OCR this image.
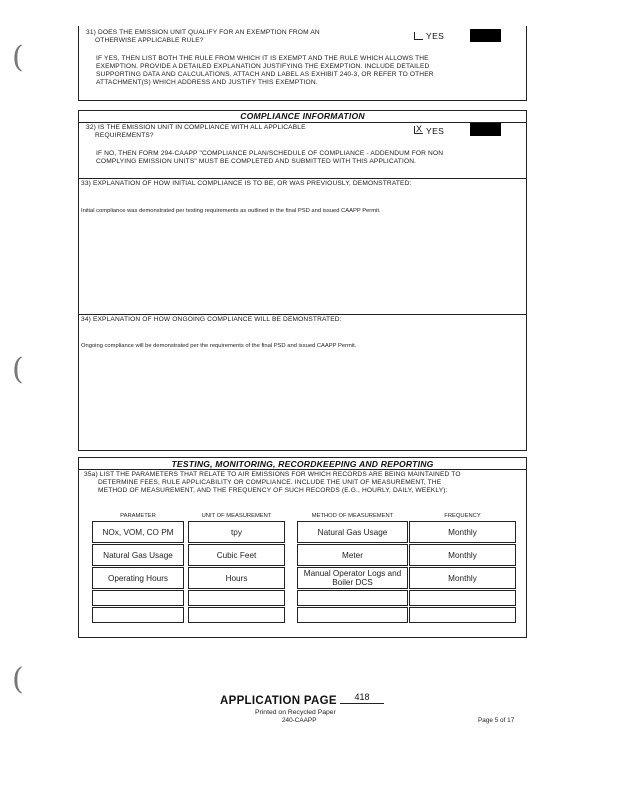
(
(
(
31) DOES THE EMISSION UNIT QUALIFY FOR AN EXEMPTION FROM AN
OTHERWISE APPLICABLE RULE?	YES
IF YES, THEN LIST BOTH THE RULE FROM WHICH IT IS EXEMPT AND THE RULE WHICH ALLOWS THE
EXEMPTION. PROVIDE A DETAILED EXPLANATION JUSTIFYING THE EXEMPTION. INCLUDE DETAILED
SUPPORTING DATA AND CALCULATIONS. ATTACH AND LABEL AS EXHIBIT 240-3, OR REFER TO OTHER
ATTACHMENT(S) WHICH ADDRESS AND JUSTIFY THIS EXEMPTION.
COMPLIANCE INFORMATION
32) IS THE EMISSION UNIT IN COMPLIANCE WITH ALL APPLICABLE
REQUIREMENTS?
X YES
IF NO, THEN FORM 294-CAAPP "COMPLIANCE PLAN/SCHEDULE OF COMPLIANCE - ADDENDUM FOR NON
COMPLYING EMISSION UNITS" MUST BE COMPLETED AND SUBMITTED WITH THIS APPLICATION.
33) EXPLANATION OF HOW INITIAL COMPLIANCE IS TO BE, OR WAS PREVIOUSLY, DEMONSTRATED:
Initial compliance was demonstrated per testing requirements as outlined in the final PSD and issued CAAPP Permit.
34) EXPLANATION OF HOW ONGOING COMPLIANCE WILL BE DEMONSTRATED:
Ongoing compliance will be demonstrated per the requirements of the final PSD and issued CAAPP Permit.
TESTING, MONITORING, RECORDKEEPING AND REPORTING
35a) LIST THE PARAMETERS THAT RELATE TO AIR EMISSIONS FOR WHICH RECORDS ARE BEING MAINTAINED TO
DETERMINE FEES, RULE APPLICABILITY OR COMPLIANCE. INCLUDE THE UNIT OF MEASUREMENT, THE
METHOD OF MEASUREMENT, AND THE FREQUENCY OF SUCH RECORDS (E.G., HOURLY, DAILY, WEEKLY):
PARAMETER	UNIT OF MEASUREMENT	METHOD OF MEASUREMENT	FREQUENCY
NOx, VOM, CO PM	tpy	Natural Gas Usage	Monthly
Natural Gas Usage	Cubic Feet	Meter	Monthly
Operating Hours	Hours	Manual Operator Logs and Boiler DCS	Monthly
APPLICATION PAGE	418
Printed on Recycled Paper
240-CAAPP	Page 5 of 17
